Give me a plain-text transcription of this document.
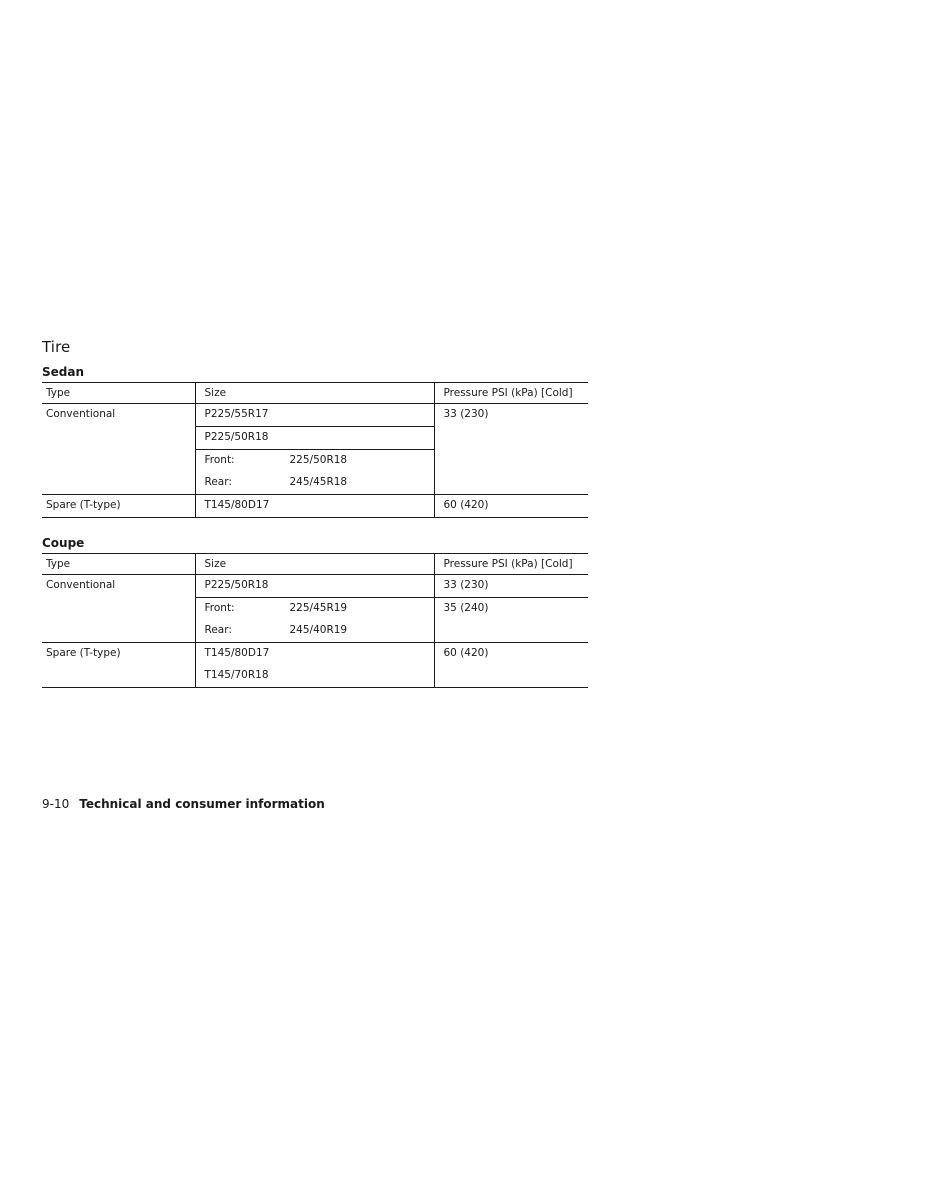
Tire
Sedan
Type	Size	Pressure PSI (kPa) [Cold]
Conventional	P225/55R17	33 (230)
	P225/50R18	

	Front: 225/50R18	

	Rear: 245/45R18	

Spare (T-type)	T145/80D17	60 (420)
Coupe
Type	Size	Pressure PSI (kPa) [Cold]
Conventional	P225/50R18	33 (230)

	Front: 225/45R19	35 (240)

	Rear: 245/40R19	

Spare (T-type)	T145/80D17	60 (420)
	T145/70R18	
9-10 Technical and consumer information
